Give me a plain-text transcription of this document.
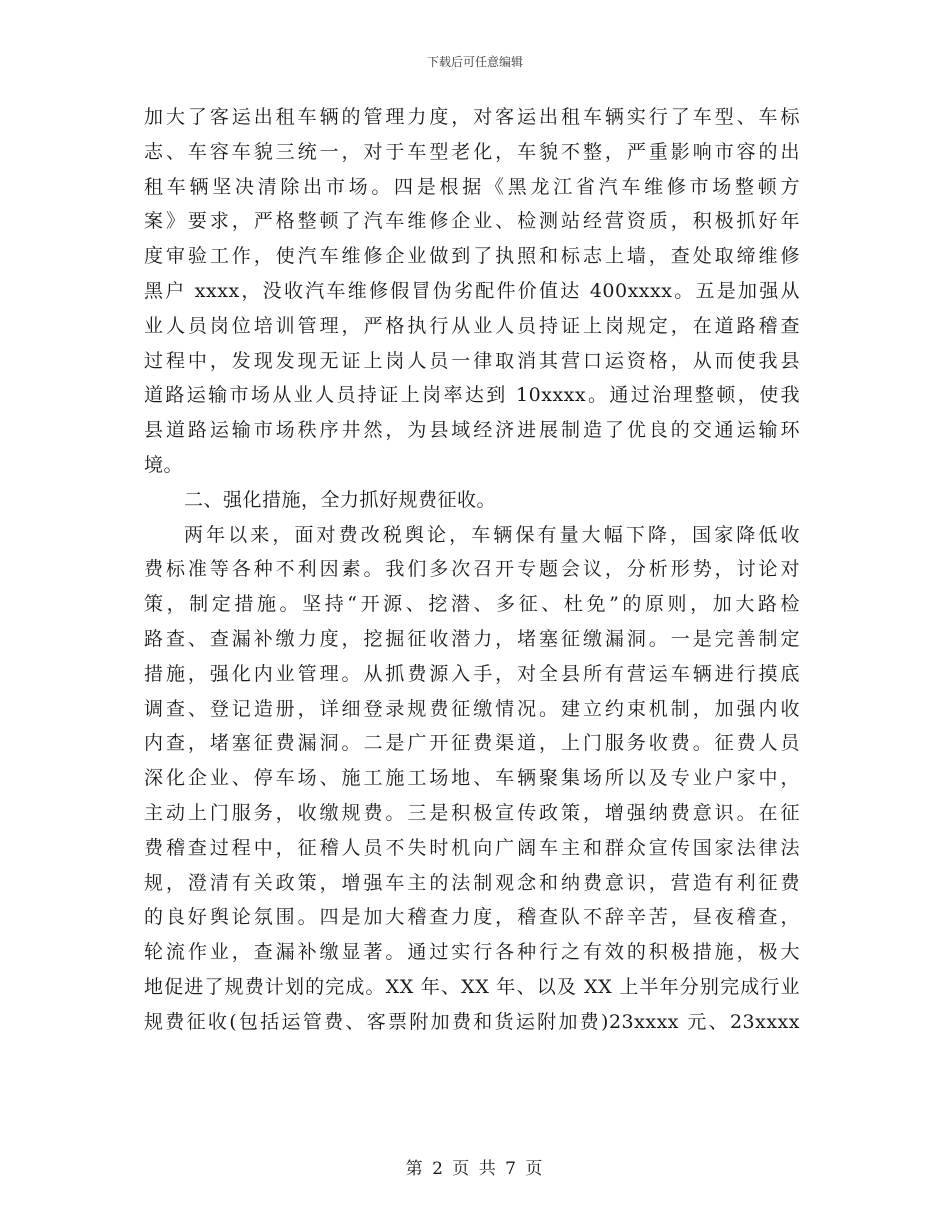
下载后可任意编辑
加大了客运出租车辆的管理力度，对客运出租车辆实行了车型、车标
志、车容车貌三统一，对于车型老化，车貌不整，严重影响市容的出
租车辆坚决清除出市场。四是根据《黑龙江省汽车维修市场整顿方
案》要求，严格整顿了汽车维修企业、检测站经营资质，积极抓好年
度审验工作，使汽车维修企业做到了执照和标志上墙，查处取缔维修
黑户 xxxx，没收汽车维修假冒伪劣配件价值达 400xxxx。五是加强从
业人员岗位培训管理，严格执行从业人员持证上岗规定，在道路稽查
过程中，发现发现无证上岗人员一律取消其营口运资格，从而使我县
道路运输市场从业人员持证上岗率达到 10xxxx。通过治理整顿，使我
县道路运输市场秩序井然，为县域经济进展制造了优良的交通运输环
境。
二、强化措施，全力抓好规费征收。
两年以来，面对费改税舆论，车辆保有量大幅下降，国家降低收
费标准等各种不利因素。我们多次召开专题会议，分析形势，讨论对
策，制定措施。坚持“开源、挖潜、多征、杜免”的原则，加大路检
路查、查漏补缴力度，挖掘征收潜力，堵塞征缴漏洞。一是完善制定
措施，强化内业管理。从抓费源入手，对全县所有营运车辆进行摸底
调查、登记造册，详细登录规费征缴情况。建立约束机制，加强内收
内查，堵塞征费漏洞。二是广开征费渠道，上门服务收费。征费人员
深化企业、停车场、施工施工场地、车辆聚集场所以及专业户家中，
主动上门服务，收缴规费。三是积极宣传政策，增强纳费意识。在征
费稽查过程中，征稽人员不失时机向广阔车主和群众宣传国家法律法
规，澄清有关政策，增强车主的法制观念和纳费意识，营造有利征费
的良好舆论氛围。四是加大稽查力度，稽查队不辞辛苦，昼夜稽查，
轮流作业，查漏补缴显著。通过实行各种行之有效的积极措施，极大
地促进了规费计划的完成。XX 年、XX 年、以及 XX 上半年分别完成行业
规费征收(包括运管费、客票附加费和货运附加费)23xxxx 元、23xxxx
第 2 页 共 7 页
